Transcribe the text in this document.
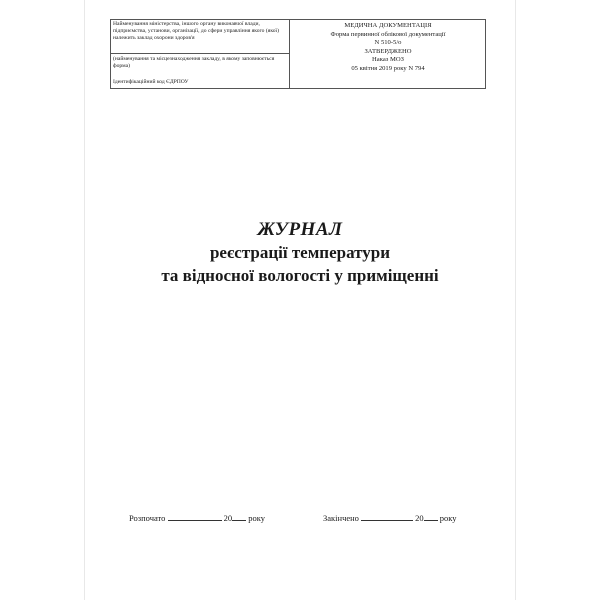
Найменування міністерства, іншого органу виконавчої влади, підприємства, установи, організації, до сфери управління якого (якої) належить заклад охорони здоров'я
(найменування та місцезнаходження закладу, в якому заповнюється форма)
Ідентифікаційний код ЄДРПОУ
МЕДИЧНА ДОКУМЕНТАЦІЯ
Форма первинної облікової документації
N 510-5/о
ЗАТВЕРДЖЕНО
Наказ МОЗ
05 квітня 2019 року N 794
ЖУРНАЛ
реєстрації температури
та відносної вологості у приміщенні
Розпочато	20 року	Закінчено	20 року
